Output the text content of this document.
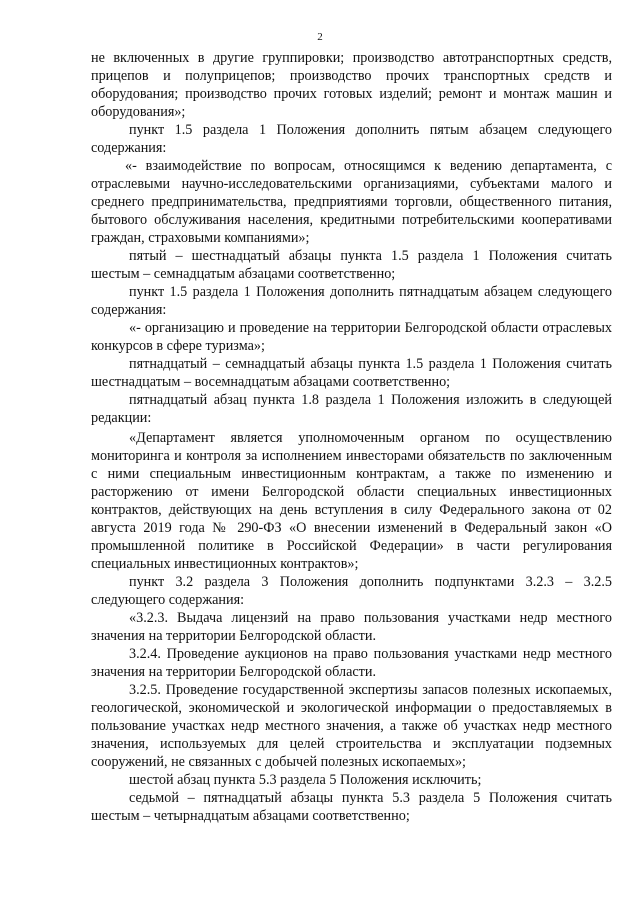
2

не включенных в другие группировки; производство автотранспортных средств, прицепов и полуприцепов; производство прочих транспортных средств и оборудования; производство прочих готовых изделий; ремонт и монтаж машин и оборудования»;

пункт 1.5 раздела 1 Положения дополнить пятым абзацем следующего содержания:

«- взаимодействие по вопросам, относящимся к ведению департамента, с отраслевыми научно-исследовательскими организациями, субъектами малого и среднего предпринимательства, предприятиями торговли, общественного питания, бытового обслуживания населения, кредитными потребительскими кооперативами граждан, страховыми компаниями»;

пятый – шестнадцатый абзацы пункта 1.5 раздела 1 Положения считать шестым – семнадцатым абзацами соответственно;

пункт 1.5 раздела 1 Положения дополнить пятнадцатым абзацем следующего содержания:

«- организацию и проведение на территории Белгородской области отраслевых конкурсов в сфере туризма»;

пятнадцатый – семнадцатый абзацы пункта 1.5 раздела 1 Положения считать шестнадцатым – восемнадцатым абзацами соответственно;

пятнадцатый абзац пункта 1.8 раздела 1 Положения изложить в следующей редакции:

«Департамент является уполномоченным органом по осуществлению мониторинга и контроля за исполнением инвесторами обязательств по заключенным с ними специальным инвестиционным контрактам, а также по изменению и расторжению от имени Белгородской области специальных инвестиционных контрактов, действующих на день вступления в силу Федерального закона от 02 августа 2019 года № 290-ФЗ «О внесении изменений в Федеральный закон «О промышленной политике в Российской Федерации» в части регулирования специальных инвестиционных контрактов»;

пункт 3.2 раздела 3 Положения дополнить подпунктами 3.2.3 – 3.2.5 следующего содержания:

«3.2.3. Выдача лицензий на право пользования участками недр местного значения на территории Белгородской области.

3.2.4. Проведение аукционов на право пользования участками недр местного значения на территории Белгородской области.

3.2.5. Проведение государственной экспертизы запасов полезных ископаемых, геологической, экономической и экологической информации о предоставляемых в пользование участках недр местного значения, а также об участках недр местного значения, используемых для целей строительства и эксплуатации подземных сооружений, не связанных с добычей полезных ископаемых»;

шестой абзац пункта 5.3 раздела 5 Положения исключить;

седьмой – пятнадцатый абзацы пункта 5.3 раздела 5 Положения считать шестым – четырнадцатым абзацами соответственно;
